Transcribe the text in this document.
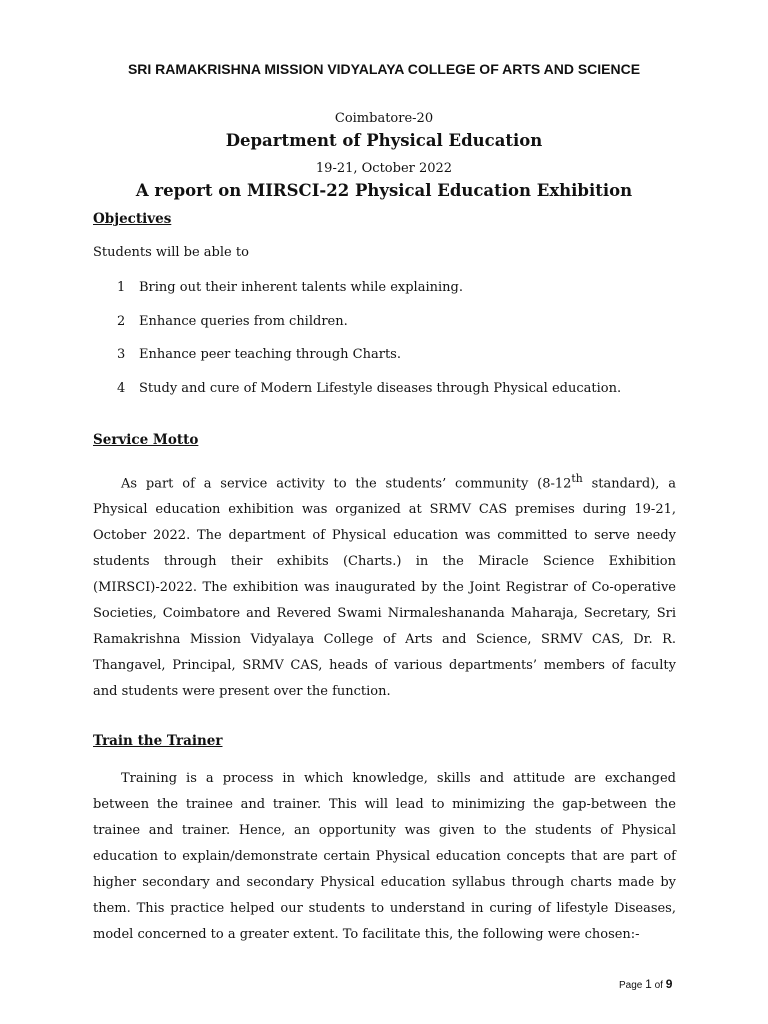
SRI RAMAKRISHNA MISSION VIDYALAYA COLLEGE OF ARTS AND SCIENCE
Coimbatore-20
Department of Physical Education
19-21, October 2022
A report on MIRSCI-22 Physical Education Exhibition
Objectives
Students will be able to
1 Bring out their inherent talents while explaining.
2 Enhance queries from children.
3 Enhance peer teaching through Charts.
4 Study and cure of Modern Lifestyle diseases through Physical education.
Service Motto

As part of a service activity to the students’ community (8-12th standard), a Physical education exhibition was organized at SRMV CAS premises during 19-21, October 2022. The department of Physical education was committed to serve needy students through their exhibits (Charts.) in the Miracle Science Exhibition (MIRSCI)-2022. The exhibition was inaugurated by the Joint Registrar of Co-operative Societies, Coimbatore and Revered Swami Nirmaleshananda Maharaja, Secretary, Sri Ramakrishna Mission Vidyalaya College of Arts and Science, SRMV CAS, Dr. R. Thangavel, Principal, SRMV CAS, heads of various departments’ members of faculty and students were present over the function.

Train the Trainer

Training is a process in which knowledge, skills and attitude are exchanged between the trainee and trainer. This will lead to minimizing the gap-between the trainee and trainer. Hence, an opportunity was given to the students of Physical education to explain/demonstrate certain Physical education concepts that are part of higher secondary and secondary Physical education syllabus through charts made by them. This practice helped our students to understand in curing of lifestyle Diseases, model concerned to a greater extent. To facilitate this, the following were chosen:-

Page 1 of 9
